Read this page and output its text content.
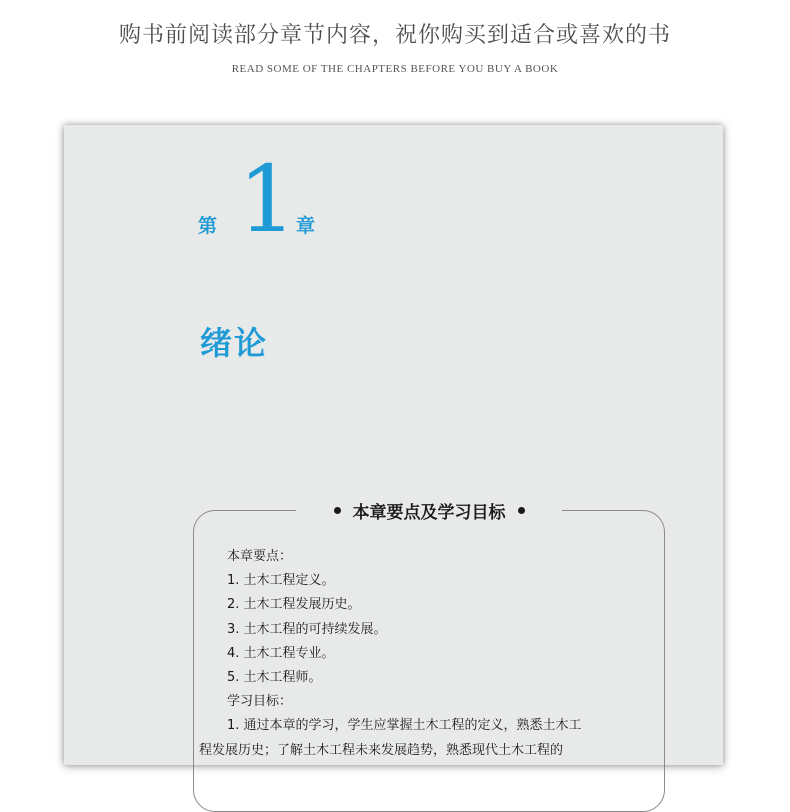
购书前阅读部分章节内容，祝你购买到适合或喜欢的书
READ SOME OF THE CHAPTERS BEFORE YOU BUY A BOOK
第 1 章
绪论
本章要点及学习目标
本章要点：
1. 土木工程定义。
2. 土木工程发展历史。
3. 土木工程的可持续发展。
4. 土木工程专业。
5. 土木工程师。
学习目标：
1. 通过本章的学习，学生应掌握土木工程的定义，熟悉土木工
程发展历史；了解土木工程未来发展趋势，熟悉现代土木工程的
